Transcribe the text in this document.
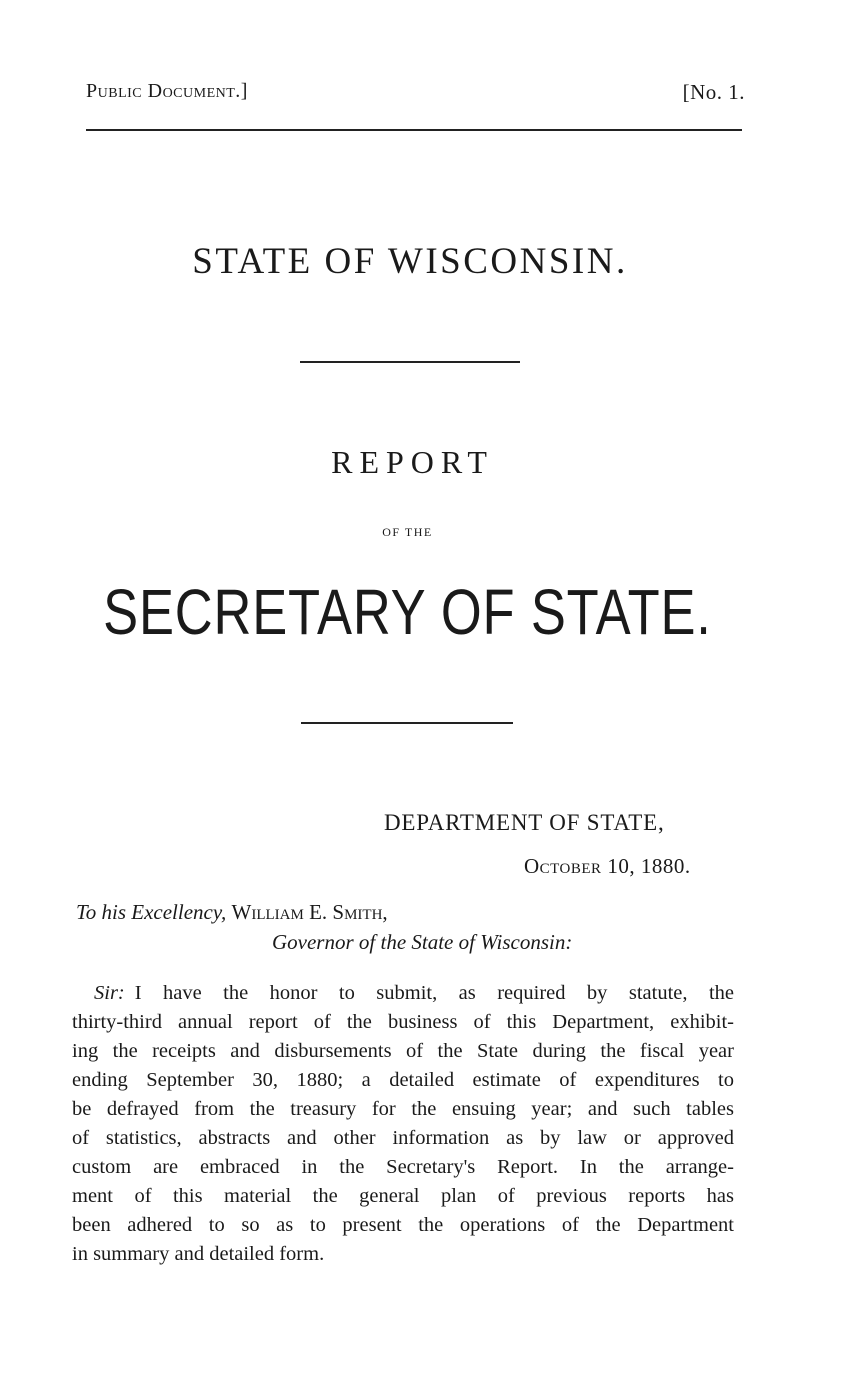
Public Document.]	[No. 1.
STATE OF WISCONSIN.
REPORT
OF THE
SECRETARY OF STATE.
DEPARTMENT OF STATE,
October 10, 1880.
To his Excellency, William E. Smith,
Governor of the State of Wisconsin:
Sir: I have the honor to submit, as required by statute, the
thirty-third annual report of the business of this Department, exhibit-
ing the receipts and disbursements of the State during the fiscal year
ending September 30, 1880; a detailed estimate of expenditures to
be defrayed from the treasury for the ensuing year; and such tables
of statistics, abstracts and other information as by law or approved
custom are embraced in the Secretary's Report. In the arrange-
ment of this material the general plan of previous reports has
been adhered to so as to present the operations of the Department
in summary and detailed form.
